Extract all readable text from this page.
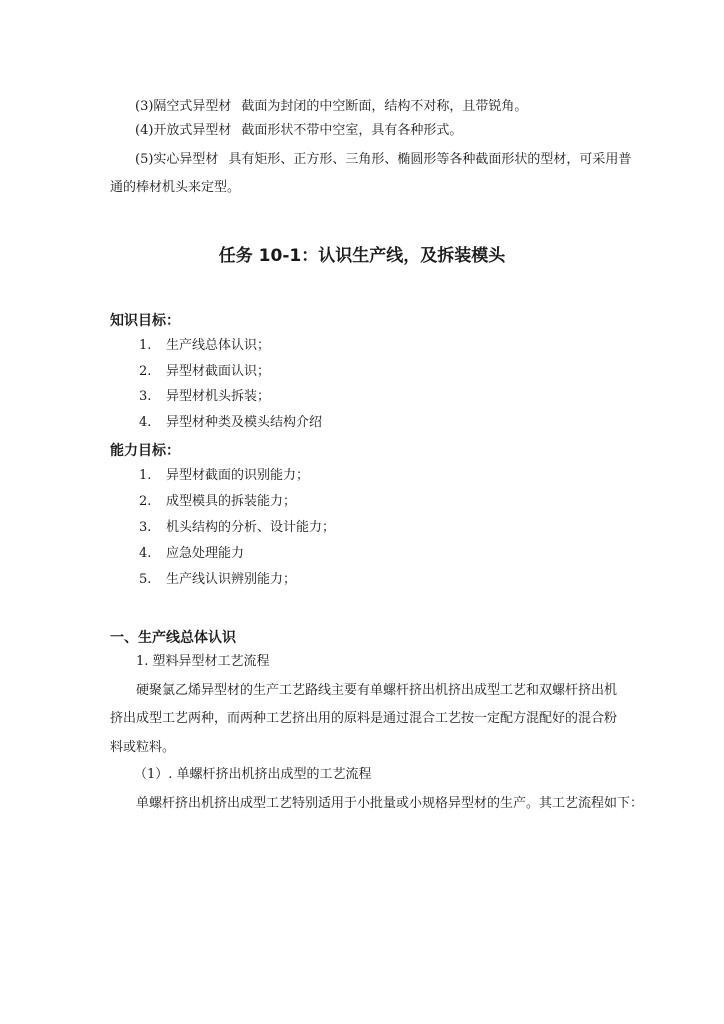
(3)隔空式异型材 截面为封闭的中空断面，结构不对称，且带锐角。
(4)开放式异型材 截面形状不带中空室，具有各种形式。
(5)实心异型材 具有矩形、正方形、三角形、椭圆形等各种截面形状的型材，可采用普
通的棒材机头来定型。
任务 10-1：认识生产线，及拆装模头
知识目标：
1. 生产线总体认识；
2. 异型材截面认识；
3. 异型材机头拆装；
4. 异型材种类及模头结构介绍
能力目标：
1. 异型材截面的识别能力；
2. 成型模具的拆装能力；
3. 机头结构的分析、设计能力；
4. 应急处理能力
5. 生产线认识辨别能力；
一、生产线总体认识
1. 塑料异型材工艺流程
硬聚氯乙烯异型材的生产工艺路线主要有单螺杆挤出机挤出成型工艺和双螺杆挤出机
挤出成型工艺两种，而两种工艺挤出用的原料是通过混合工艺按一定配方混配好的混合粉
料或粒料。
（1）. 单螺杆挤出机挤出成型的工艺流程
单螺杆挤出机挤出成型工艺特别适用于小批量或小规格异型材的生产。其工艺流程如下：
